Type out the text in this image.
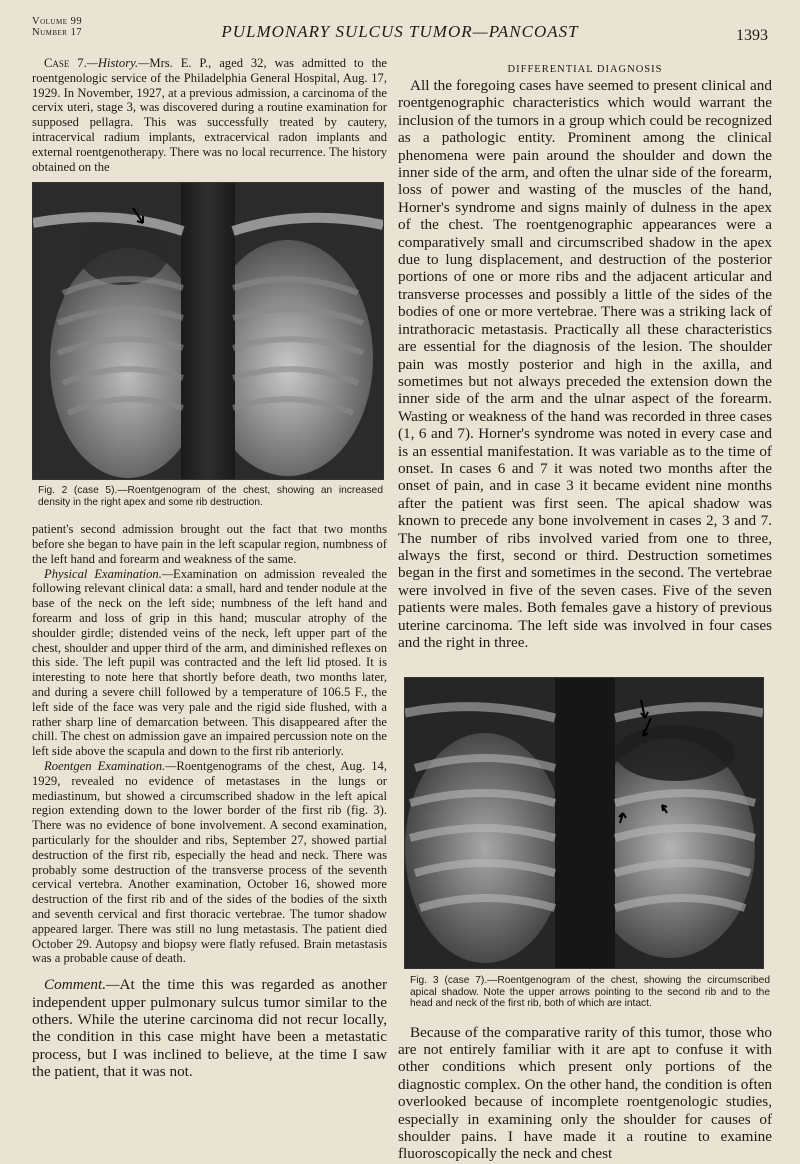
Volume 99
Number 17	PULMONARY SULCUS TUMOR—PANCOAST	1393

Case 7.—History.—Mrs. E. P., aged 32, was admitted to the roentgenologic service of the Philadelphia General Hospital, Aug. 17, 1929. In November, 1927, at a previous admission, a carcinoma of the cervix uteri, stage 3, was discovered during a routine examination for supposed pellagra. This was successfully treated by cautery, intracervical radium implants, extracervical radon implants and external roentgenotherapy. There was no local recurrence. The history obtained on the

Fig. 2 (case 5).—Roentgenogram of the chest, showing an increased density in the right apex and some rib destruction.

patient's second admission brought out the fact that two months before she began to have pain in the left scapular region, numbness of the left hand and forearm and weakness of the same.

Physical Examination.—Examination on admission revealed the following relevant clinical data: a small, hard and tender nodule at the base of the neck on the left side; numbness of the left hand and forearm and loss of grip in this hand; muscular atrophy of the shoulder girdle; distended veins of the neck, left upper part of the chest, shoulder and upper third of the arm, and diminished reflexes on this side. The left pupil was contracted and the left lid ptosed. It is interesting to note here that shortly before death, two months later, and during a severe chill followed by a temperature of 106.5 F., the left side of the face was very pale and the rigid side flushed, with a rather sharp line of demarcation between. This disappeared after the chill. The chest on admission gave an impaired percussion note on the left side above the scapula and down to the first rib anteriorly.

Roentgen Examination.—Roentgenograms of the chest, Aug. 14, 1929, revealed no evidence of metastases in the lungs or mediastinum, but showed a circumscribed shadow in the left apical region extending down to the lower border of the first rib (fig. 3). There was no evidence of bone involvement. A second examination, particularly for the shoulder and ribs, September 27, showed partial destruction of the first rib, especially the head and neck. There was probably some destruction of the transverse process of the seventh cervical vertebra. Another examination, October 16, showed more destruction of the first rib and of the sides of the bodies of the sixth and seventh cervical and first thoracic vertebrae. The tumor shadow appeared larger. There was still no lung metastasis. The patient died October 29. Autopsy and biopsy were flatly refused. Brain metastasis was a probable cause of death.

Comment.—At the time this was regarded as another independent upper pulmonary sulcus tumor similar to the others. While the uterine carcinoma did not recur locally, the condition in this case might have been a metastatic process, but I was inclined to believe, at the time I saw the patient, that it was not.

DIFFERENTIAL DIAGNOSIS

All the foregoing cases have seemed to present clinical and roentgenographic characteristics which would warrant the inclusion of the tumors in a group which could be recognized as a pathologic entity. Prominent among the clinical phenomena were pain around the shoulder and down the inner side of the arm, and often the ulnar side of the forearm, loss of power and wasting of the muscles of the hand, Horner's syndrome and signs mainly of dulness in the apex of the chest. The roentgenographic appearances were a comparatively small and circumscribed shadow in the apex due to lung displacement, and destruction of the posterior portions of one or more ribs and the adjacent articular and transverse processes and possibly a little of the sides of the bodies of one or more vertebrae. There was a striking lack of intrathoracic metastasis. Practically all these characteristics are essential for the diagnosis of the lesion. The shoulder pain was mostly posterior and high in the axilla, and sometimes but not always preceded the extension down the inner side of the arm and the ulnar aspect of the forearm. Wasting or weakness of the hand was recorded in three cases (1, 6 and 7). Horner's syndrome was noted in every case and is an essential manifestation. It was variable as to the time of onset. In cases 6 and 7 it was noted two months after the onset of pain, and in case 3 it became evident nine months after the patient was first seen. The apical shadow was known to precede any bone involvement in cases 2, 3 and 7. The number of ribs involved varied from one to three, always the first, second or third. Destruction sometimes began in the first and sometimes in the second. The vertebrae were involved in five of the seven cases. Five of the seven patients were males. Both females gave a history of previous uterine carcinoma. The left side was involved in four cases and the right in three.

Fig. 3 (case 7).—Roentgenogram of the chest, showing the circumscribed apical shadow. Note the upper arrows pointing to the second rib and to the head and neck of the first rib, both of which are intact.

Because of the comparative rarity of this tumor, those who are not entirely familiar with it are apt to confuse it with other conditions which present only portions of the diagnostic complex. On the other hand, the condition is often overlooked because of incomplete roentgenologic studies, especially in examining only the shoulder for causes of shoulder pains. I have made it a routine to examine fluoroscopically the neck and chest
